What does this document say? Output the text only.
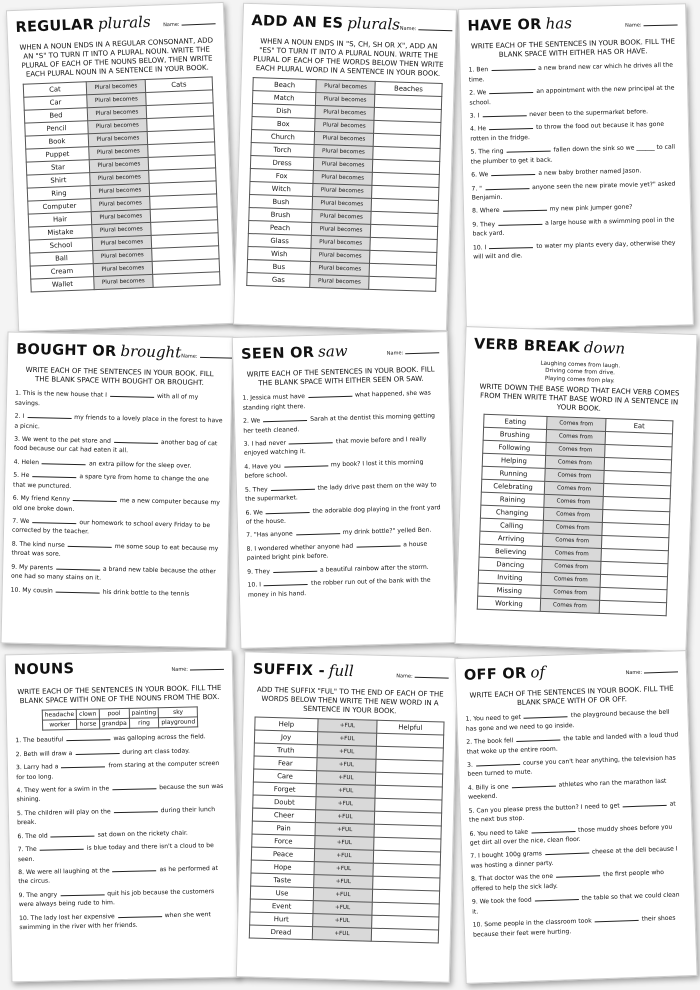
REGULAR plurals Name:
WHEN A NOUN ENDS IN A REGULAR CONSONANT, ADD AN "S" TO TURN IT INTO A PLURAL NOUN. WRITE THE PLURAL OF EACH OF THE NOUNS BELOW, THEN WRITE EACH PLURAL NOUN IN A SENTENCE IN YOUR BOOK.
Cat	Plural becomes	Cats
Car	Plural becomes	
Bed	Plural becomes	
Pencil	Plural becomes	
Book	Plural becomes	
Puppet	Plural becomes	
Star	Plural becomes	
Shirt	Plural becomes	
Ring	Plural becomes	
Computer	Plural becomes	
Hair	Plural becomes	
Mistake	Plural becomes	
School	Plural becomes	
Ball	Plural becomes	
Cream	Plural becomes	
Wallet	Plural becomes	
ADD AN ES plurals Name:
WHEN A NOUN ENDS IN "S, CH, SH OR X", ADD AN "ES" TO TURN IT INTO A PLURAL NOUN. WRITE THE PLURAL OF EACH OF THE WORDS BELOW THEN WRITE EACH PLURAL WORD IN A SENTENCE IN YOUR BOOK.
Beach	Plural becomes	Beaches
Match	Plural becomes	
Dish	Plural becomes	
Box	Plural becomes	
Church	Plural becomes	
Torch	Plural becomes	
Dress	Plural becomes	
Fox	Plural becomes	
Witch	Plural becomes	
Bush	Plural becomes	
Brush	Plural becomes	
Peach	Plural becomes	
Glass	Plural becomes	
Wish	Plural becomes	
Bus	Plural becomes	
Gas	Plural becomes	
HAVE OR has	Name:
WRITE EACH OF THE SENTENCES IN YOUR BOOK. FILL THE BLANK SPACE WITH EITHER HAS OR HAVE.
1. Ben	a new brand new car which he drives all the time.
2. We	an appointment with the new principal at the school.
3. I	never been to the supermarket before.
4. He	to throw the food out because it has gone rotten in the fridge.
5. The ring	fallen down the sink so we ______ to call the plumber to get it back.
6. We	a new baby brother named Jason.
7. "	anyone seen the new pirate movie yet?" asked Benjamin.
8. Where	my new pink jumper gone?
9. They	a large house with a swimming pool in the back yard.
10. I	to water my plants every day, otherwise they will wilt and die.
BOUGHT OR brought Name:
WRITE EACH OF THE SENTENCES IN YOUR BOOK. FILL THE BLANK SPACE WITH BOUGHT OR BROUGHT.
1. This is the new house that I	with all of my savings.
2. I	my friends to a lovely place in the forest to have a picnic.
3. We went to the pet store and	another bag of cat food because our cat had eaten it all.
4. Helen	an extra pillow for the sleep over.
5. He	a spare tyre from home to change the one that we punctured.
6. My friend Kenny	me a new computer because my old one broke down.
7. We	our homework to school every Friday to be corrected by the teacher.
8. The kind nurse	me some soup to eat because my throat was sore.
9. My parents	a brand new table because the other one had so many stains on it.
10. My cousin	his drink bottle to the tennis
SEEN OR saw	Name:
WRITE EACH OF THE SENTENCES IN YOUR BOOK. FILL THE BLANK SPACE WITH EITHER SEEN OR SAW.
1. Jessica must have	what happened, she was standing right there.
2. We	Sarah at the dentist this morning getting her teeth cleaned.
3. I had never	that movie before and I really enjoyed watching it.
4. Have you	my book? I lost it this morning before school.
5. They	the lady drive past them on the way to the supermarket.
6. We	the adorable dog playing in the front yard of the house.
7. "Has anyone	my drink bottle?" yelled Ben.
8. I wondered whether anyone had	a house painted bright pink before.
9. They	a beautiful rainbow after the storm.
10. I	the robber run out of the bank with the money in his hand.
VERB BREAK down
Laughing comes from laugh.
Driving come from drive.
Playing comes from play.
WRITE DOWN THE BASE WORD THAT EACH VERB COMES FROM THEN WRITE THAT BASE WORD IN A SENTENCE IN YOUR BOOK.
Eating	Comes from	Eat
Brushing	Comes from	
Following	Comes from	
Helping	Comes from	
Running	Comes from	
Celebrating	Comes from	
Raining	Comes from	
Changing	Comes from	
Calling	Comes from	
Arriving	Comes from	
Believing	Comes from	
Dancing	Comes from	
Inviting	Comes from	
Missing	Comes from	
Working	Comes from	
NOUNS	Name:
WRITE EACH OF THE SENTENCES IN YOUR BOOK. FILL THE BLANK SPACE WITH ONE OF THE NOUNS FROM THE BOX.
headache	clown	pool	painting	sky
worker	horse	grandpa	ring	playground
1. The beautiful	was galloping across the field.
2. Beth will draw a	during art class today.
3. Larry had a	from staring at the computer screen for too long.
4. They went for a swim in the	because the sun was shining.
5. The children will play on the	during their lunch break.
6. The old	sat down on the rickety chair.
7. The	is blue today and there isn't a cloud to be seen.
8. We were all laughing at the	as he performed at the circus.
9. The angry	quit his job because the customers were always being rude to him.
10. The lady lost her expensive	when she went swimming in the river with her friends.
SUFFIX - full	Name:
ADD THE SUFFIX "FUL" TO THE END OF EACH OF THE WORDS BELOW THEN WRITE THE NEW WORD IN A SENTENCE IN YOUR BOOK.
Help	+FUL	Helpful
Joy	+FUL	
Truth	+FUL	
Fear	+FUL	
Care	+FUL	
Forget	+FUL	
Doubt	+FUL	
Cheer	+FUL	
Pain	+FUL	
Force	+FUL	
Peace	+FUL	
Hope	+FUL	
Taste	+FUL	
Use	+FUL	
Event	+FUL	
Hurt	+FUL	
Dread	+FUL	
OFF OR of	Name:
WRITE EACH OF THE SENTENCES IN YOUR BOOK. FILL THE BLANK SPACE WITH OF OR OFF.
1. You need to get	the playground because the bell has gone and we need to go inside.
2. The book fell	the table and landed with a loud thud that woke up the entire room.
3.	course you can't hear anything, the television has been turned to mute.
4. Billy is one	athletes who ran the marathon last weekend.
5. Can you please press the button? I need to get	at the next bus stop.
6. You need to take	those muddy shoes before you get dirt all over the nice, clean floor.
7. I bought 100g grams	cheese at the deli because I was hosting a dinner party.
8. That doctor was the one	the first people who offered to help the sick lady.
9. We took the food	the table so that we could clean it.
10. Some people in the classroom took	their shoes because their feet were hurting.
